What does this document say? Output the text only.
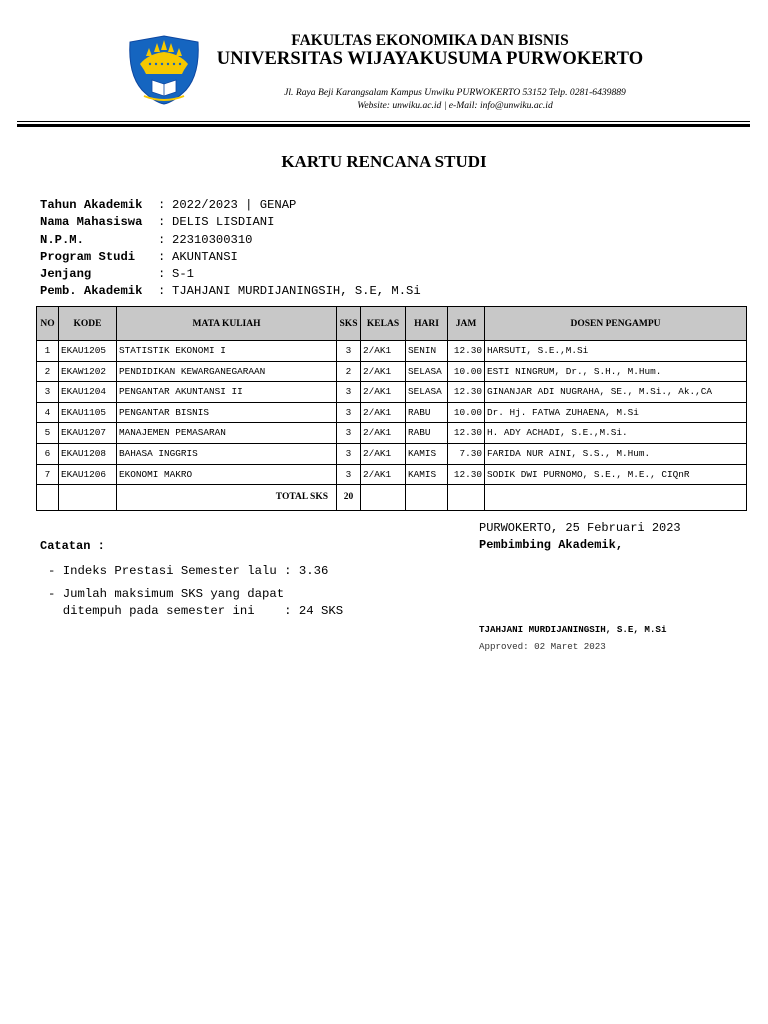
FAKULTAS EKONOMIKA DAN BISNIS
UNIVERSITAS WIJAYAKUSUMA PURWOKERTO
Jl. Raya Beji Karangsalam Kampus Unwiku PURWOKERTO 53152 Telp. 0281-6439889
Website: unwiku.ac.id | e-Mail: info@unwiku.ac.id
KARTU RENCANA STUDI
Tahun Akademik : 2022/2023 | GENAP
Nama Mahasiswa : DELIS LISDIANI
N.P.M.	: 22310300310
Program Studi : AKUNTANSI
Jenjang	: S-1
Pemb. Akademik : TJAHJANI MURDIJANINGSIH, S.E, M.Si
NO	KODE	MATA KULIAH	SKS	KELAS	HARI	JAM	DOSEN PENGAMPU
1	EKAU1205	STATISTIK EKONOMI I	3	2/AK1	SENIN	12.30	HARSUTI, S.E.,M.Si
2	EKAW1202	PENDIDIKAN KEWARGANEGARAAN	2	2/AK1	SELASA	10.00	ESTI NINGRUM, Dr., S.H., M.Hum.
3	EKAU1204	PENGANTAR AKUNTANSI II	3	2/AK1	SELASA	12.30	GINANJAR ADI NUGRAHA, SE., M.Si., Ak.,CA
4	EKAU1105	PENGANTAR BISNIS	3	2/AK1	RABU	10.00	Dr. Hj. FATWA ZUHAENA, M.Si
5	EKAU1207	MANAJEMEN PEMASARAN	3	2/AK1	RABU	12.30	H. ADY ACHADI, S.E.,M.Si.
6	EKAU1208	BAHASA INGGRIS	3	2/AK1	KAMIS	7.30	FARIDA NUR AINI, S.S., M.Hum.
7	EKAU1206	EKONOMI MAKRO	3	2/AK1	KAMIS	12.30	SODIK DWI PURNOMO, S.E., M.E., CIQnR
		TOTAL SKS	20				
PURWOKERTO, 25 Februari 2023
Pembimbing Akademik,
Catatan :
- Indeks Prestasi Semester lalu : 3.36
- Jumlah maksimum SKS yang dapat
ditempuh pada semester ini    : 24 SKS
TJAHJANI MURDIJANINGSIH, S.E, M.Si
Approved: 02 Maret 2023
